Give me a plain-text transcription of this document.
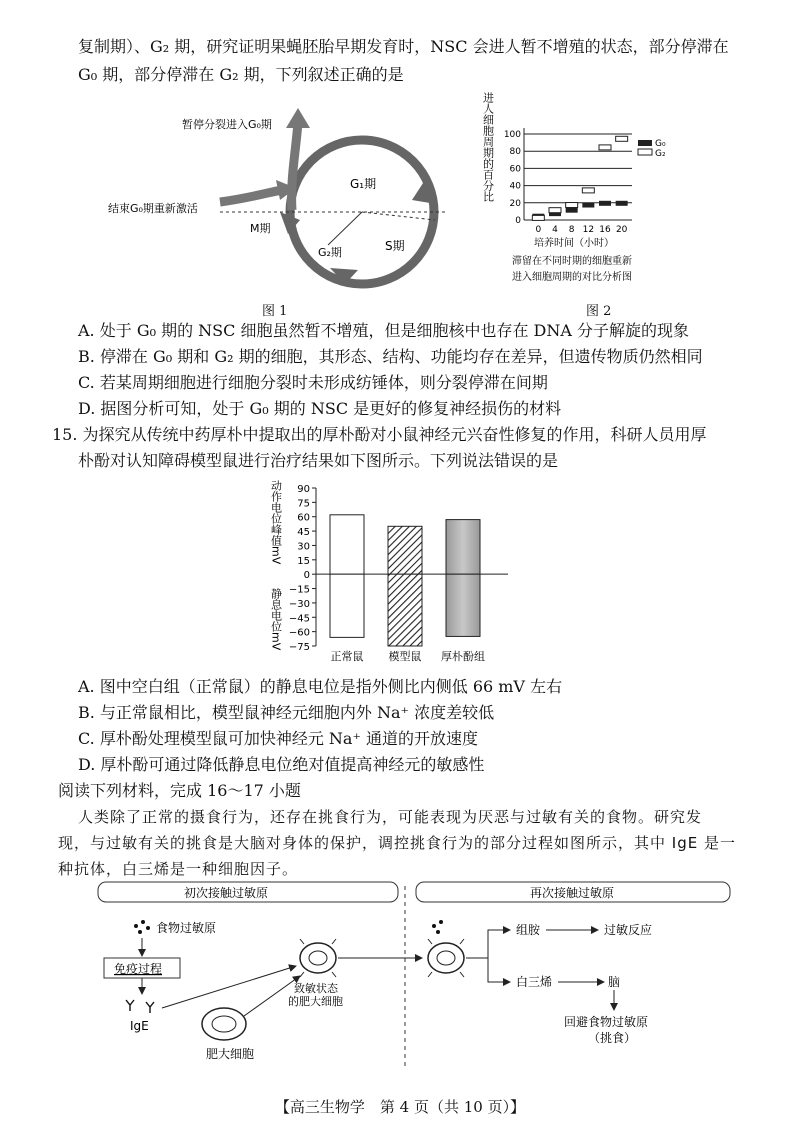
复制期）、G₂ 期，研究证明果蝇胚胎早期发育时，NSC 会进人暂不增殖的状态，部分停滞在
G₀ 期，部分停滞在 G₂ 期，下列叙述正确的是
暂停分裂进入G₀期
结束G₀期重新激活
G₁期
S期
G₂期
M期
图 1
进人细胞周期的百分比 100
80
60
40
20
0
0 4 8 12 16 20
G₀
G₂
培养时间（小时）
滞留在不同时期的细胞重新
进入细胞周期的对比分析图
图 2
A. 处于 G₀ 期的 NSC 细胞虽然暂不增殖，但是细胞核中也存在 DNA 分子解旋的现象
B. 停滞在 G₀ 期和 G₂ 期的细胞，其形态、结构、功能均存在差异，但遗传物质仍然相同
C. 若某周期细胞进行细胞分裂时未形成纺锤体，则分裂停滞在间期
D. 据图分析可知，处于 G₀ 期的 NSC 是更好的修复神经损伤的材料
15. 为探究从传统中药厚朴中提取出的厚朴酚对小鼠神经元兴奋性修复的作用，科研人员用厚
朴酚对认知障碍模型鼠进行治疗结果如下图所示。下列说法错误的是
动作电位峰值mV
静息电位mV
90
75
60
45
30
15
0
−15
−30
−45
−60
−75
正常鼠 模型鼠 厚朴酚组
A. 图中空白组（正常鼠）的静息电位是指外侧比内侧低 66 mV 左右
B. 与正常鼠相比，模型鼠神经元细胞内外 Na⁺ 浓度差较低
C. 厚朴酚处理模型鼠可加快神经元 Na⁺ 通道的开放速度
D. 厚朴酚可通过降低静息电位绝对值提高神经元的敏感性
阅读下列材料，完成 16～17 小题
人类除了正常的摄食行为，还存在挑食行为，可能表现为厌恶与过敏有关的食物。研究发
现，与过敏有关的挑食是大脑对身体的保护，调控挑食行为的部分过程如图所示，其中 IgE 是一
种抗体，白三烯是一种细胞因子。
初次接触过敏原	再次接触过敏原
食物过敏原
免疫过程
IgE
肥大细胞
致敏状态
的肥大细胞
组胺	过敏反应
白三烯	脑
回避食物过敏原
（挑食）
【高三生物学　第 4 页（共 10 页）】
